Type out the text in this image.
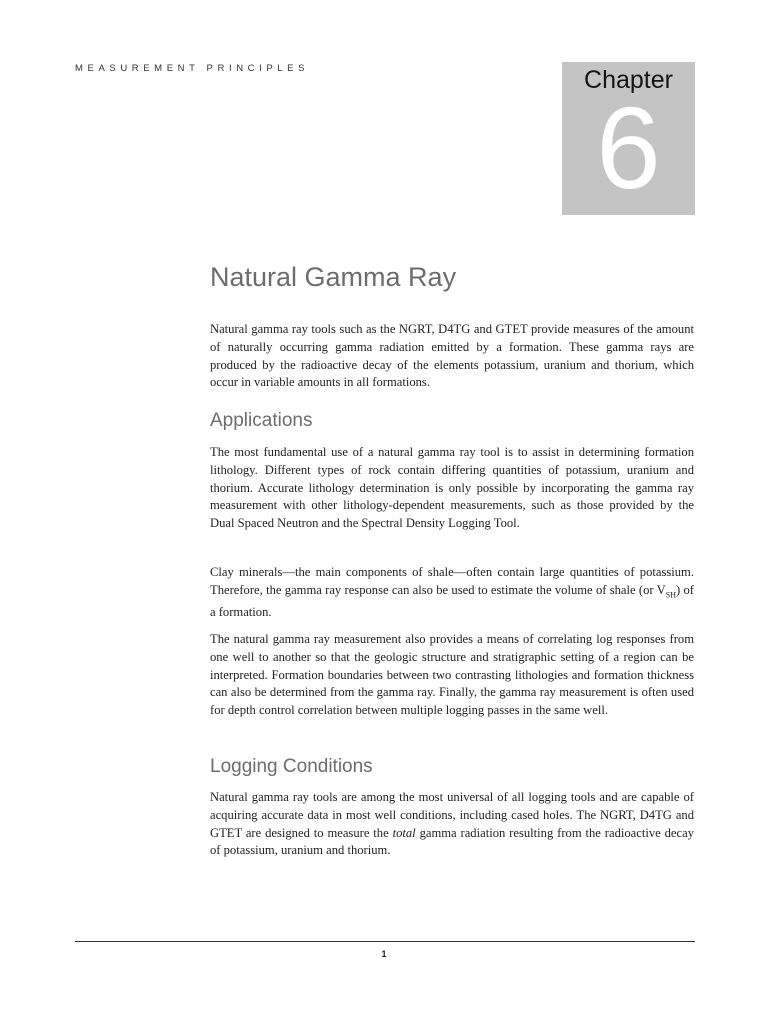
MEASUREMENT PRINCIPLES	Chapter
6
Natural Gamma Ray

Natural gamma ray tools such as the NGRT, D4TG and GTET provide measures of the amount of naturally occurring gamma radiation emitted by a formation. These gamma rays are produced by the radioactive decay of the elements potassium, uranium and thorium, which occur in variable amounts in all formations.

Applications

The most fundamental use of a natural gamma ray tool is to assist in determining formation lithology. Different types of rock contain differing quantities of potassium, uranium and thorium. Accurate lithology determination is only possible by incorporating the gamma ray measurement with other lithology-dependent measurements, such as those provided by the Dual Spaced Neutron and the Spectral Density Logging Tool.

Clay minerals—the main components of shale—often contain large quantities of potassium. Therefore, the gamma ray response can also be used to estimate the volume of shale (or $V_{SH}$) of a formation.

The natural gamma ray measurement also provides a means of correlating log responses from one well to another so that the geologic structure and stratigraphic setting of a region can be interpreted. Formation boundaries between two contrasting lithologies and formation thickness can also be determined from the gamma ray. Finally, the gamma ray measurement is often used for depth control correlation between multiple logging passes in the same well.

Logging Conditions

Natural gamma ray tools are among the most universal of all logging tools and are capable of acquiring accurate data in most well conditions, including cased holes. The NGRT, D4TG and GTET are designed to measure the total gamma radiation resulting from the radioactive decay of potassium, uranium and thorium.

1
